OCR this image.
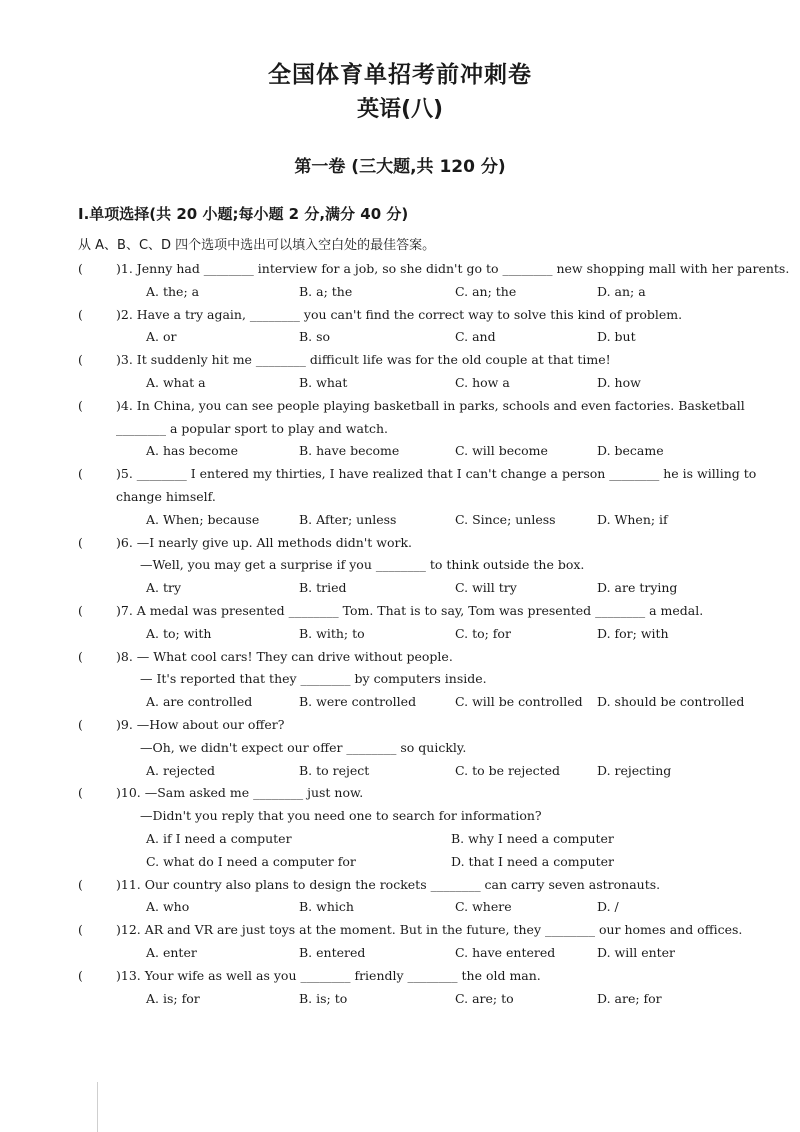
全国体育单招考前冲刺卷
英语(八)
第一卷 (三大题,共 120 分)
Ⅰ.单项选择(共 20 小题;每小题 2 分,满分 40 分)
从 A、B、C、D 四个选项中选出可以填入空白处的最佳答案。
(	)1. Jenny had ________ interview for a job, so she didn't go to ________ new shopping mall with her parents.
A. the; a	B. a; the	C. an; the	D. an; a
(	)2. Have a try again, ________ you can't find the correct way to solve this kind of problem.
A. or	B. so	C. and	D. but
(	)3. It suddenly hit me ________ difficult life was for the old couple at that time!
A. what a	B. what	C. how a	D. how
(	)4. In China, you can see people playing basketball in parks, schools and even factories. Basketball ________ a popular sport to play and watch.
A. has become	B. have become	C. will become	D. became
(	)5. ________ I entered my thirties, I have realized that I can't change a person ________ he is willing to change himself.
A. When; because	B. After; unless	C. Since; unless	D. When; if
(	)6. —I nearly give up. All methods didn't work.
—Well, you may get a surprise if you ________ to think outside the box.
A. try	B. tried	C. will try	D. are trying
(	)7. A medal was presented ________ Tom. That is to say, Tom was presented ________ a medal.
A. to; with	B. with; to	C. to; for	D. for; with
(	)8. — What cool cars! They can drive without people.
— It's reported that they ________ by computers inside.
A. are controlled	B. were controlled	C. will be controlled D. should be controlled
(	)9. —How about our offer?
—Oh, we didn't expect our offer ________ so quickly.
A. rejected	B. to reject	C. to be rejected	D. rejecting
(	)10. —Sam asked me ________ just now.
—Didn't you reply that you need one to search for information?
A. if I need a computer	B. why I need a computer
C. what do I need a computer for	D. that I need a computer
(	)11. Our country also plans to design the rockets ________ can carry seven astronauts.
A. who	B. which	C. where	D. /
(	)12. AR and VR are just toys at the moment. But in the future, they ________ our homes and offices.
A. enter	B. entered	C. have entered	D. will enter
(	)13. Your wife as well as you ________ friendly ________ the old man.
A. is; for	B. is; to	C. are; to	D. are; for
